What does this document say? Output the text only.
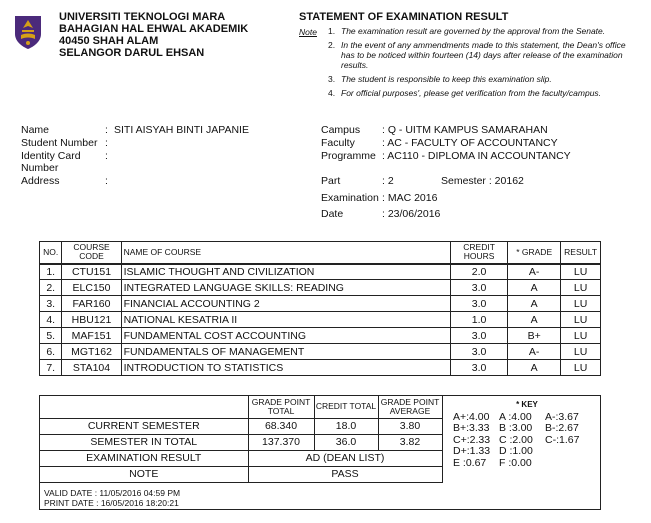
UNIVERSITI TEKNOLOGI MARA
BAHAGIAN HAL EHWAL AKADEMIK
40450 SHAH ALAM
SELANGOR DARUL EHSAN
STATEMENT OF EXAMINATION RESULT
Note 1. The examination result are governed by the approval from the Senate.
2. In the event of any ammendments made to this statement, the Dean's office has to be noticed within fourteen (14) days after release of the examination results.
3. The student is responsible to keep this examination slip.
4. For official purposes', please get verification from the faculty/campus.
Name	: SITI AISYAH BINTI JAPANIE
Student Number :
Identity Card
Number
:
Address	:
Campus : Q - UITM KAMPUS SAMARAHAN
Faculty	: AC - FACULTY OF ACCOUNTANCY
Programme : AC110 - DIPLOMA IN ACCOUNTANCY
Part	: 2	Semester : 20162
Examination : MAC 2016
Date	: 23/06/2016
NO.	COURSE CODE	NAME OF COURSE	CREDIT HOURS	* GRADE	RESULT
1.	CTU151	ISLAMIC THOUGHT AND CIVILIZATION	2.0	A-	LU
2.	ELC150	INTEGRATED LANGUAGE SKILLS: READING	3.0	A	LU
3.	FAR160	FINANCIAL ACCOUNTING 2	3.0	A	LU
4.	HBU121	NATIONAL KESATRIA II	1.0	A	LU
5.	MAF151	FUNDAMENTAL COST ACCOUNTING	3.0	B+	LU
6.	MGT162	FUNDAMENTALS OF MANAGEMENT	3.0	A-	LU
7.	STA104	INTRODUCTION TO STATISTICS	3.0	A	LU
	GRADE POINT TOTAL	CREDIT TOTAL	GRADE POINT AVERAGE
CURRENT SEMESTER	68.340	18.0	3.80
SEMESTER IN TOTAL	137.370	36.0	3.82
EXAMINATION RESULT	AD (DEAN LIST)		
NOTE	PASS		
* KEY
A+:4.00 A :4.00	A-:3.67
B+:3.33 B :3.00	B-:2.67
C+:2.33 C :2.00	C-:1.67
D+:1.33 D :1.00
E :0.67	F :0.00
VALID DATE : 11/05/2016 04:59 PM
PRINT DATE : 16/05/2016 18:20:21
